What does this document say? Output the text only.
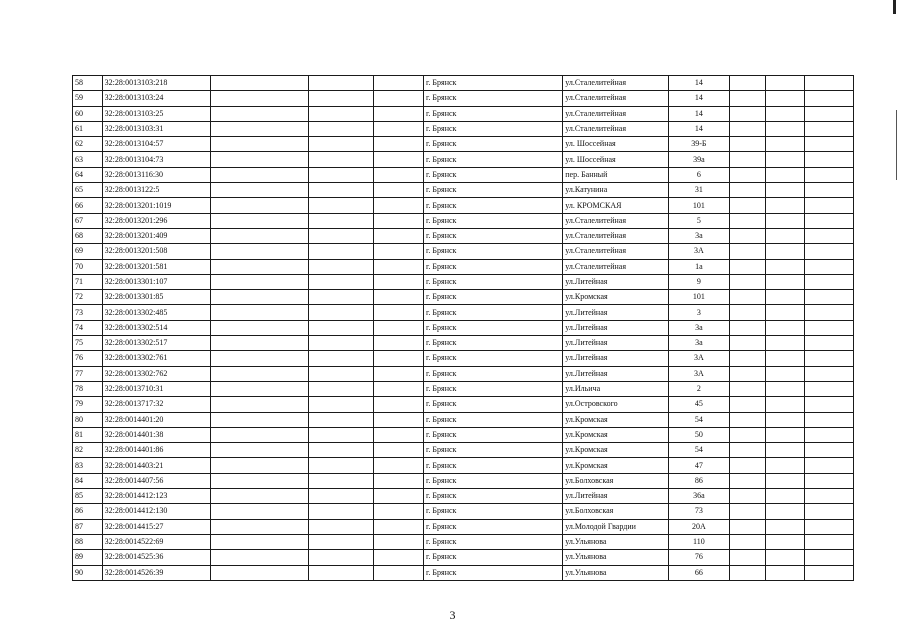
58	32:28:0013103:218				г. Брянск	ул.Сталелитейная	14			
59	32:28:0013103:24				г. Брянск	ул.Сталелитейная	14			
60	32:28:0013103:25				г. Брянск	ул.Сталелитейная	14			
61	32:28:0013103:31				г. Брянск	ул.Сталелитейная	14			
62	32:28:0013104:57				г. Брянск	ул. Шоссейная	39-Б			
63	32:28:0013104:73				г. Брянск	ул. Шоссейная	39а			
64	32:28:0013116:30				г. Брянск	пер. Банный	6			
65	32:28:0013122:5				г. Брянск	ул.Катунина	31			
66	32:28:0013201:1019				г. Брянск	ул. КРОМСКАЯ	101			
67	32:28:0013201:296				г. Брянск	ул.Сталелитейная	5			
68	32:28:0013201:409				г. Брянск	ул.Сталелитейная	3а			
69	32:28:0013201:508				г. Брянск	ул.Сталелитейная	3А			
70	32:28:0013201:581				г. Брянск	ул.Сталелитейная	1а			
71	32:28:0013301:107				г. Брянск	ул.Литейная	9			
72	32:28:0013301:85				г. Брянск	ул.Кромская	101			
73	32:28:0013302:485				г. Брянск	ул.Литейная	3			
74	32:28:0013302:514				г. Брянск	ул.Литейная	3а			
75	32:28:0013302:517				г. Брянск	ул.Литейная	3а			
76	32:28:0013302:761				г. Брянск	ул.Литейная	3А			
77	32:28:0013302:762				г. Брянск	ул.Литейная	3А			
78	32:28:0013710:31				г. Брянск	ул.Ильича	2			
79	32:28:0013717:32				г. Брянск	ул.Островского	45			
80	32:28:0014401:20				г. Брянск	ул.Кромская	54			
81	32:28:0014401:38				г. Брянск	ул.Кромская	50			
82	32:28:0014401:86				г. Брянск	ул.Кромская	54			
83	32:28:0014403:21				г. Брянск	ул.Кромская	47			
84	32:28:0014407:56				г. Брянск	ул.Болховская	86			
85	32:28:0014412:123				г. Брянск	ул.Литейная	36а			
86	32:28:0014412:130				г. Брянск	ул.Болховская	73			
87	32:28:0014415:27				г. Брянск	ул.Молодой Гвардии	20А			
88	32:28:0014522:69				г. Брянск	ул.Ульянова	110			
89	32:28:0014525:36				г. Брянск	ул.Ульянова	76			
90	32:28:0014526:39				г. Брянск	ул.Ульянова	66			
3
